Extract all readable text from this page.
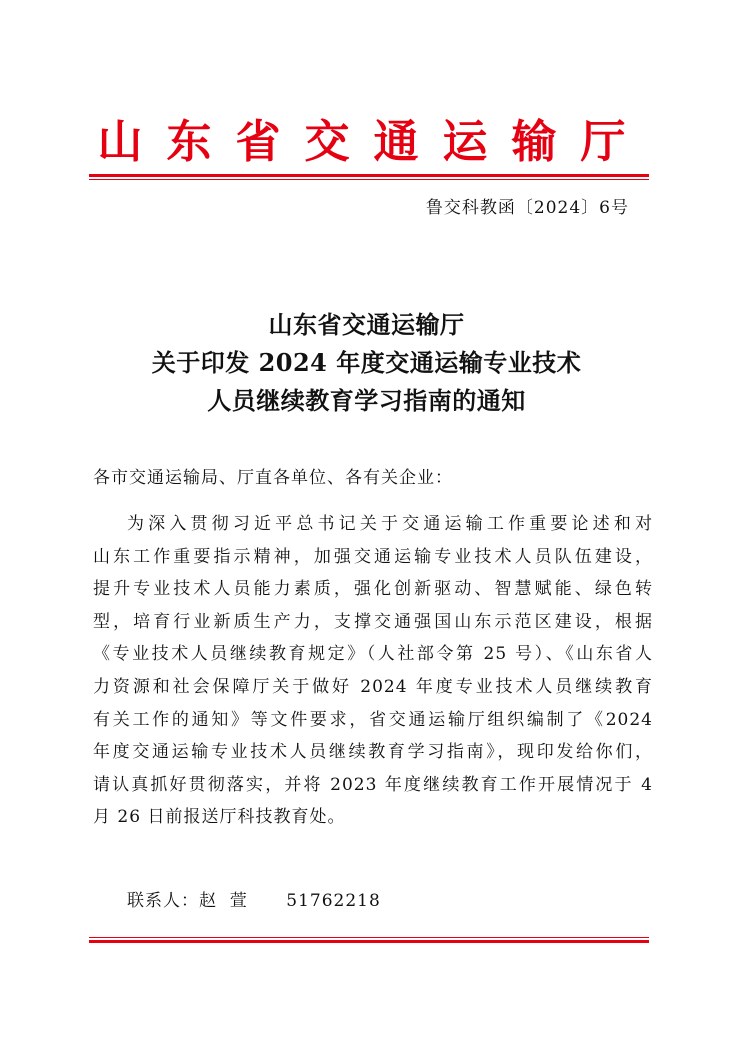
山东省交通运输厅
鲁交科教函〔2024〕6号
山东省交通运输厅
关于印发 2024 年度交通运输专业技术
人员继续教育学习指南的通知
各市交通运输局、厅直各单位、各有关企业：
为深入贯彻习近平总书记关于交通运输工作重要论述和对
山东工作重要指示精神，加强交通运输专业技术人员队伍建设，
提升专业技术人员能力素质，强化创新驱动、智慧赋能、绿色转
型，培育行业新质生产力，支撑交通强国山东示范区建设，根据
《专业技术人员继续教育规定》（人社部令第 25 号）、《山东省人
力资源和社会保障厅关于做好 2024 年度专业技术人员继续教育
有关工作的通知》等文件要求，省交通运输厅组织编制了《2024
年度交通运输专业技术人员继续教育学习指南》，现印发给你们，
请认真抓好贯彻落实，并将 2023 年度继续教育工作开展情况于 4
月 26 日前报送厅科技教育处。
联系人：赵  萱 51762218
